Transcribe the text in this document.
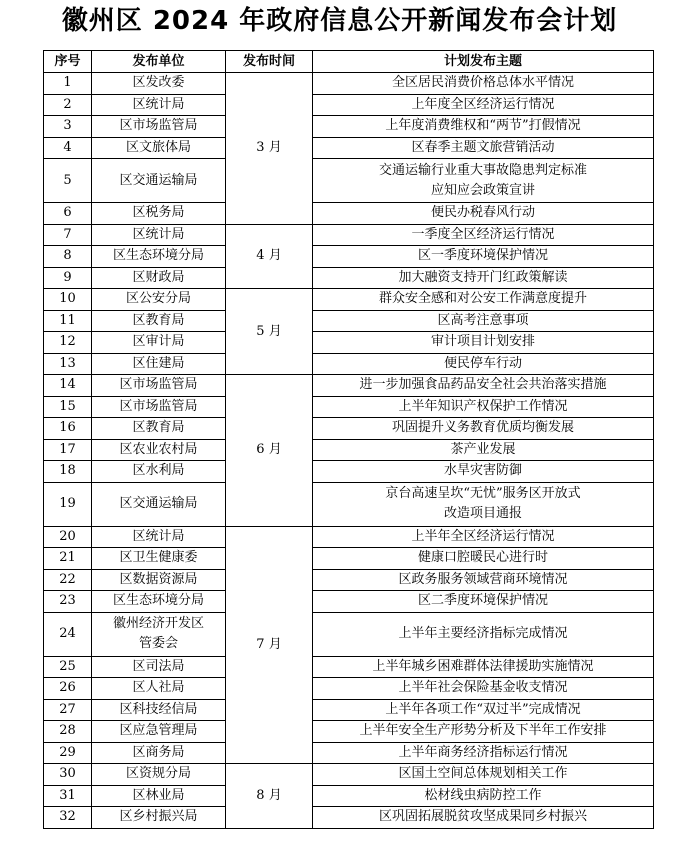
徽州区 2024 年政府信息公开新闻发布会计划
序号	发布单位	发布时间	计划发布主题
1	区发改委	3 月	全区居民消费价格总体水平情况
2	区统计局		上年度全区经济运行情况
3	区市场监管局		上年度消费维权和“两节”打假情况
4	区文旅体局		区春季主题文旅营销活动
5	区交通运输局		交通运输行业重大事故隐患判定标准
应知应会政策宣讲

6	区税务局		便民办税春风行动
7	区统计局	4 月	一季度全区经济运行情况
8	区生态环境分局		区一季度环境保护情况
9	区财政局		加大融资支持开门红政策解读
10	区公安分局	5 月	群众安全感和对公安工作满意度提升
11	区教育局		区高考注意事项
12	区审计局		审计项目计划安排
13	区住建局		便民停车行动
14	区市场监管局	6 月	进一步加强食品药品安全社会共治落实措施
15	区市场监管局		上半年知识产权保护工作情况
16	区教育局		巩固提升义务教育优质均衡发展
17	区农业农村局		茶产业发展
18	区水利局		水旱灾害防御
19	区交通运输局		京台高速呈坎“无忧”服务区开放式
改造项目通报

20	区统计局	7 月	上半年全区经济运行情况
21	区卫生健康委		健康口腔暖民心进行时
22	区数据资源局		区政务服务领域营商环境情况
23	区生态环境分局		区二季度环境保护情况
24	徽州经济开发区
管委会		上半年主要经济指标完成情况
25	区司法局		上半年城乡困难群体法律援助实施情况
26	区人社局		上半年社会保险基金收支情况
27	区科技经信局		上半年各项工作“双过半”完成情况
28	区应急管理局		上半年安全生产形势分析及下半年工作安排
29	区商务局		上半年商务经济指标运行情况
30	区资规分局	8 月	区国土空间总体规划相关工作
31	区林业局		松材线虫病防控工作
32	区乡村振兴局		区巩固拓展脱贫攻坚成果同乡村振兴
